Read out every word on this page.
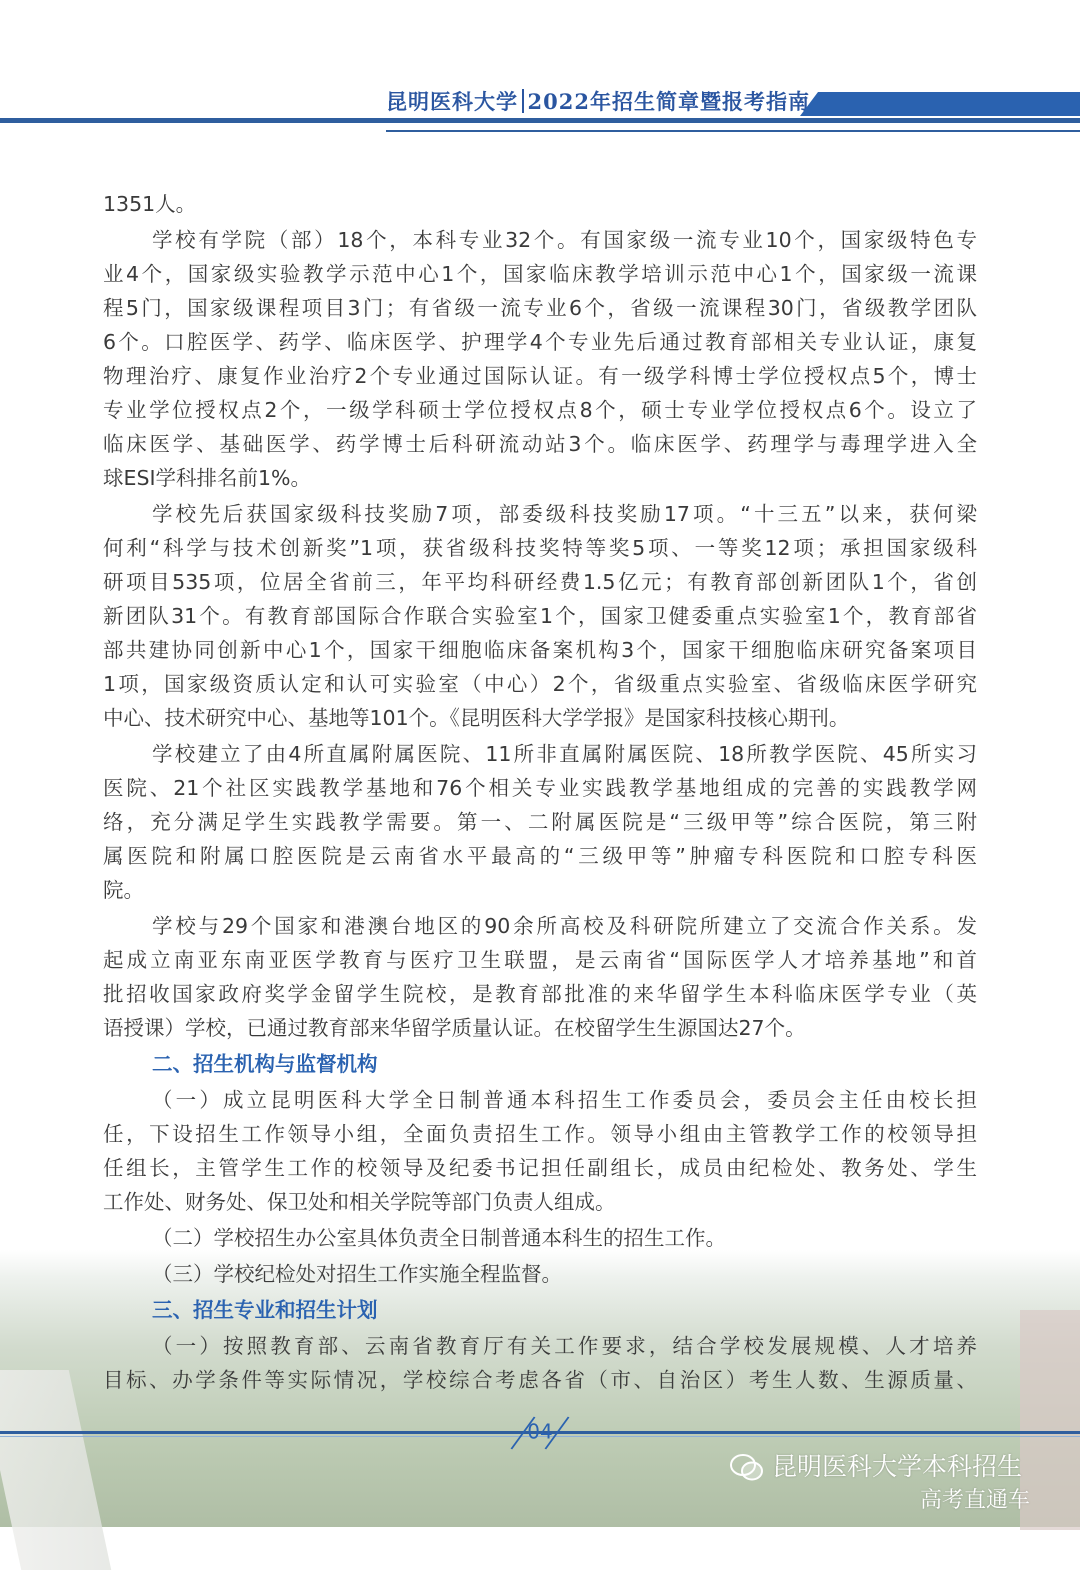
昆明医科大学 2022年招生简章暨报考指南
1351人。
学校有学院（部）18个，本科专业32个。有国家级一流专业10个，国家级特色专
业4个，国家级实验教学示范中心1个，国家临床教学培训示范中心1个，国家级一流课
程5门，国家级课程项目3门；有省级一流专业6个，省级一流课程30门，省级教学团队
6个。口腔医学、药学、临床医学、护理学4个专业先后通过教育部相关专业认证，康复
物理治疗、康复作业治疗2个专业通过国际认证。有一级学科博士学位授权点5个，博士
专业学位授权点2个，一级学科硕士学位授权点8个，硕士专业学位授权点6个。设立了
临床医学、基础医学、药学博士后科研流动站3个。临床医学、药理学与毒理学进入全
球ESI学科排名前1%。
学校先后获国家级科技奖励7项，部委级科技奖励17项。“十三五”以来，获何梁
何利“科学与技术创新奖”1项，获省级科技奖特等奖5项、一等奖12项；承担国家级科
研项目535项，位居全省前三，年平均科研经费1.5亿元；有教育部创新团队1个，省创
新团队31个。有教育部国际合作联合实验室1个，国家卫健委重点实验室1个，教育部省
部共建协同创新中心1个，国家干细胞临床备案机构3个，国家干细胞临床研究备案项目
1项，国家级资质认定和认可实验室（中心）2个，省级重点实验室、省级临床医学研究
中心、技术研究中心、基地等101个。《昆明医科大学学报》是国家科技核心期刊。
学校建立了由4所直属附属医院、11所非直属附属医院、18所教学医院、45所实习
医院、21个社区实践教学基地和76个相关专业实践教学基地组成的完善的实践教学网
络，充分满足学生实践教学需要。第一、二附属医院是“三级甲等”综合医院，第三附
属医院和附属口腔医院是云南省水平最高的“三级甲等”肿瘤专科医院和口腔专科医
院。
学校与29个国家和港澳台地区的90余所高校及科研院所建立了交流合作关系。发
起成立南亚东南亚医学教育与医疗卫生联盟，是云南省“国际医学人才培养基地”和首
批招收国家政府奖学金留学生院校，是教育部批准的来华留学生本科临床医学专业（英
语授课）学校，已通过教育部来华留学质量认证。在校留学生生源国达27个。
二、招生机构与监督机构
（一）成立昆明医科大学全日制普通本科招生工作委员会，委员会主任由校长担
任，下设招生工作领导小组，全面负责招生工作。领导小组由主管教学工作的校领导担
任组长，主管学生工作的校领导及纪委书记担任副组长，成员由纪检处、教务处、学生
工作处、财务处、保卫处和相关学院等部门负责人组成。
（二）学校招生办公室具体负责全日制普通本科生的招生工作。
（三）学校纪检处对招生工作实施全程监督。
三、招生专业和招生计划
（一）按照教育部、云南省教育厅有关工作要求，结合学校发展规模、人才培养
目标、办学条件等实际情况，学校综合考虑各省（市、自治区）考生人数、生源质量、
04
昆明医科大学本科招生
高考直通车
